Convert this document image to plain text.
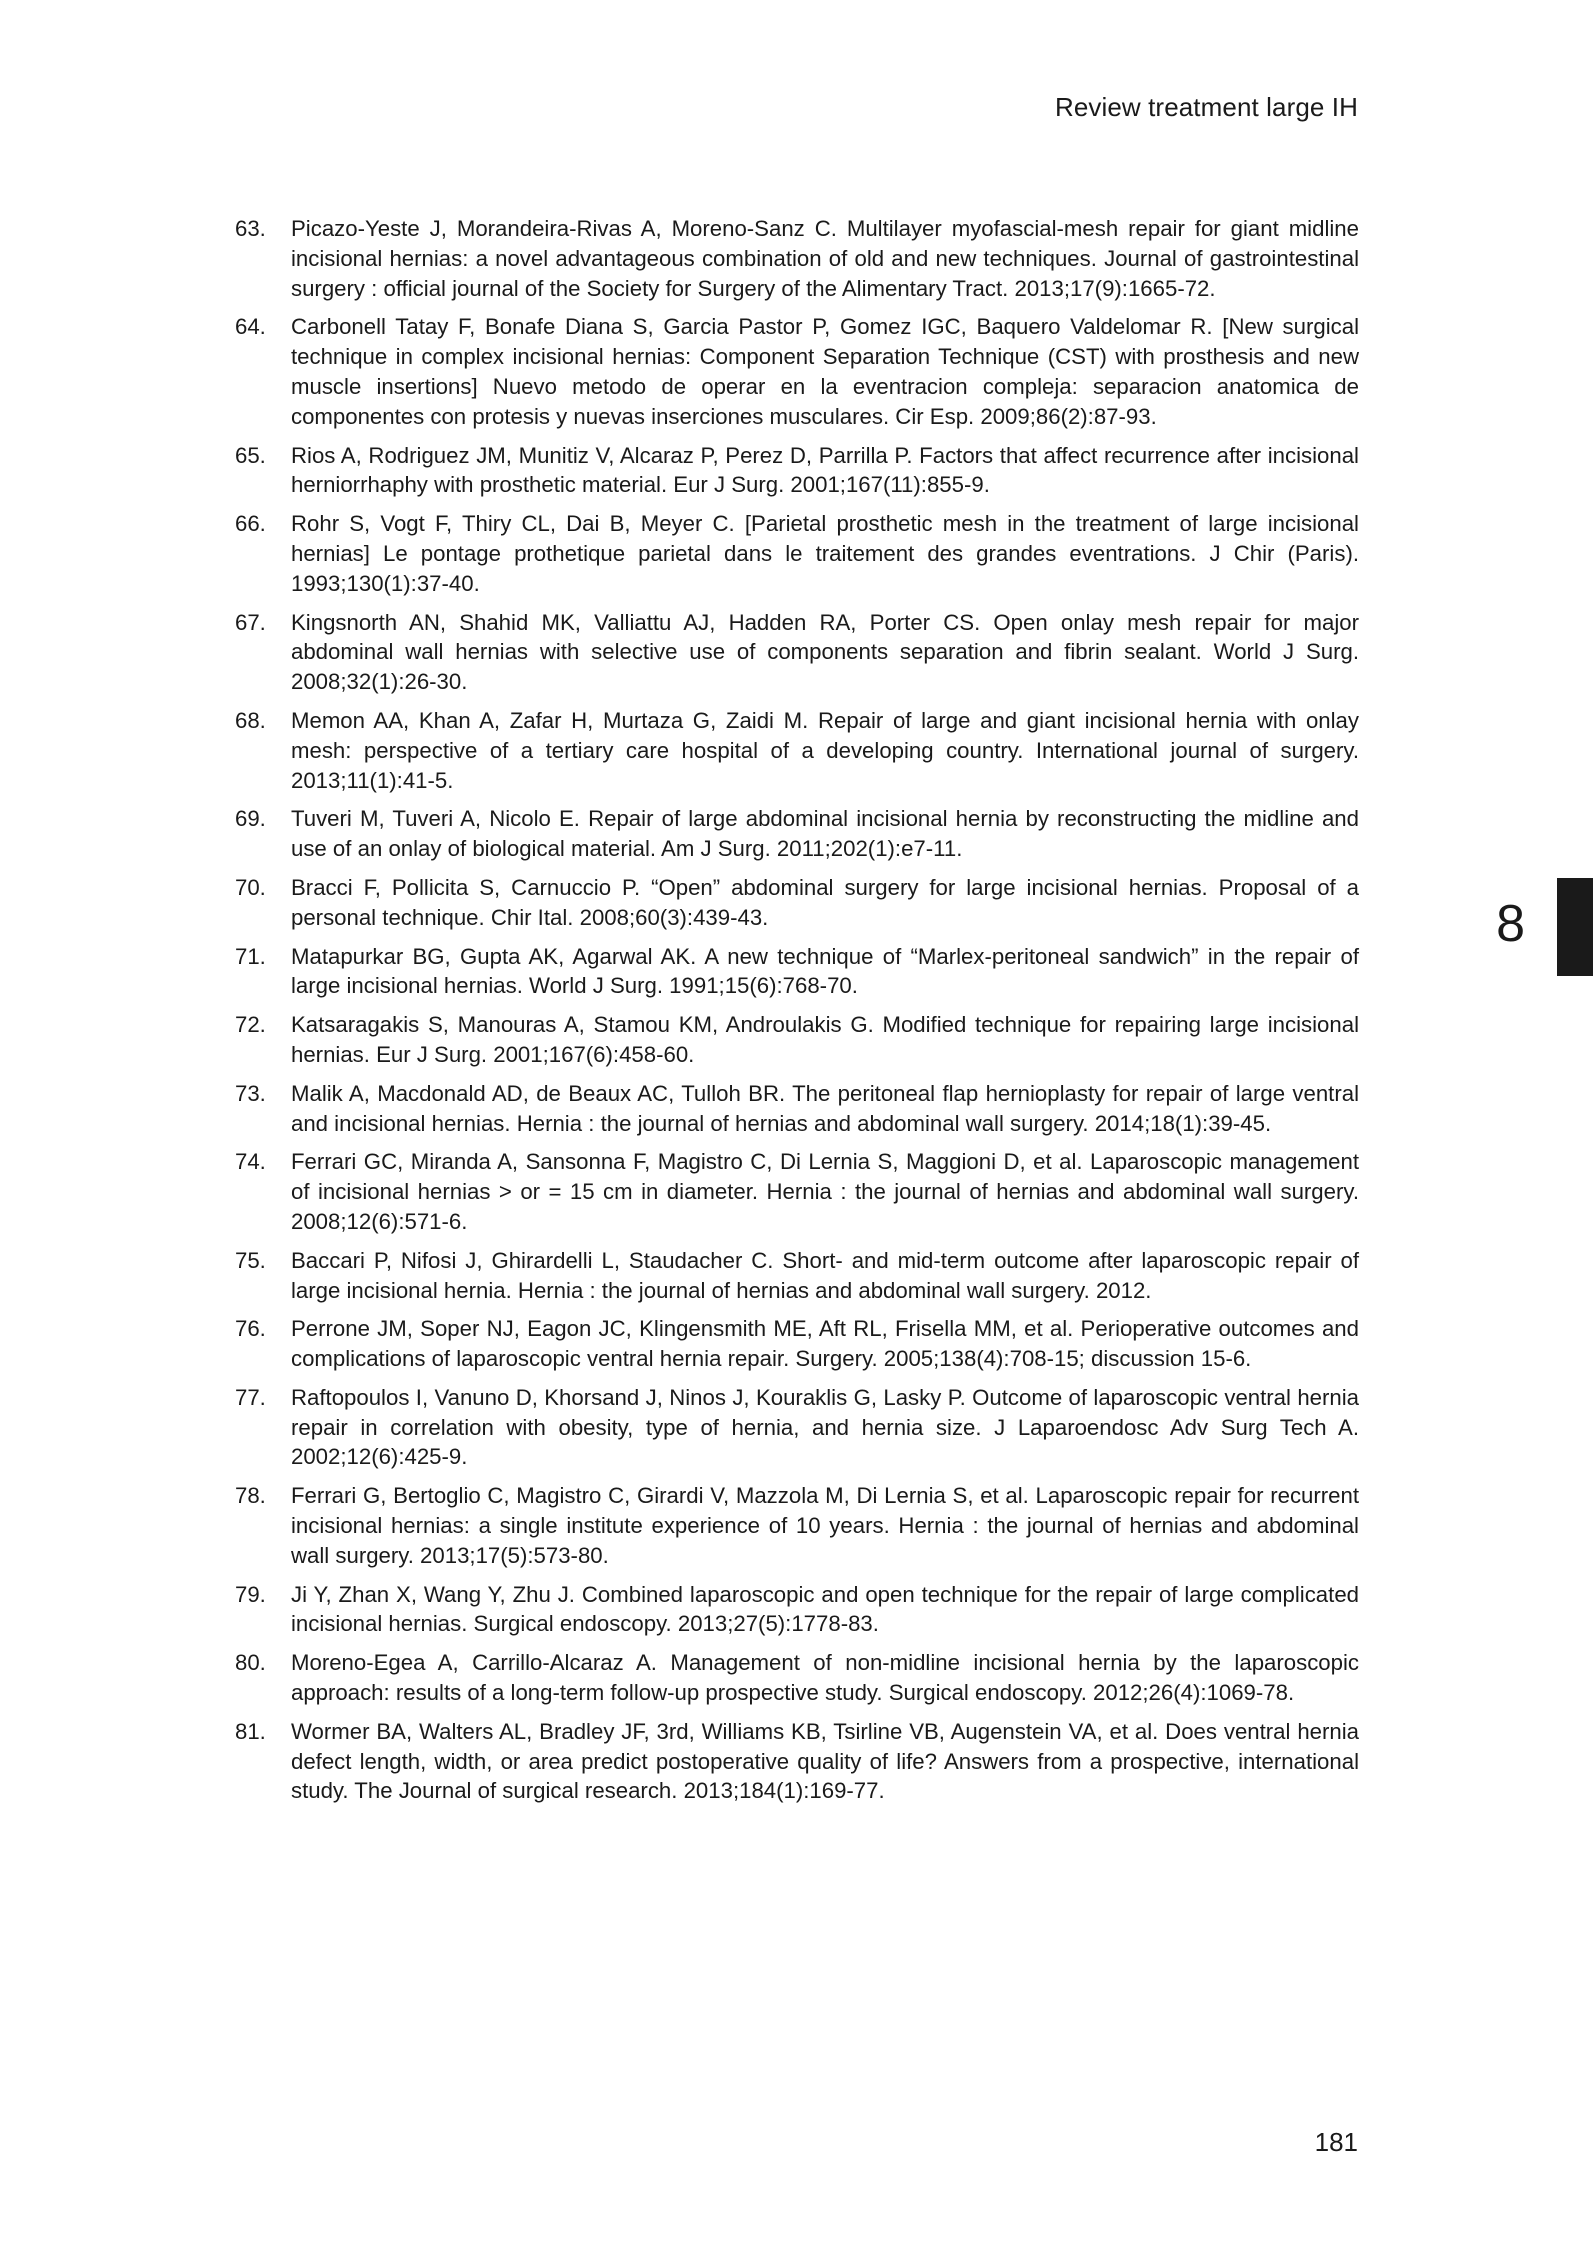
Review treatment large IH
8
63. Picazo-Yeste J, Morandeira-Rivas A, Moreno-Sanz C. Multilayer myofascial-mesh repair for giant midline incisional hernias: a novel advantageous combination of old and new techniques. Journal of gastrointestinal surgery : official journal of the Society for Surgery of the Alimentary Tract. 2013;17(9):1665-72.
64. Carbonell Tatay F, Bonafe Diana S, Garcia Pastor P, Gomez IGC, Baquero Valdelomar R. [New surgical technique in complex incisional hernias: Component Separation Technique (CST) with prosthesis and new muscle insertions] Nuevo metodo de operar en la eventracion compleja: separacion anatomica de componentes con protesis y nuevas inserciones musculares. Cir Esp. 2009;86(2):87-93.
65. Rios A, Rodriguez JM, Munitiz V, Alcaraz P, Perez D, Parrilla P. Factors that affect recurrence after incisional herniorrhaphy with prosthetic material. Eur J Surg. 2001;167(11):855-9.
66. Rohr S, Vogt F, Thiry CL, Dai B, Meyer C. [Parietal prosthetic mesh in the treatment of large incisional hernias] Le pontage prothetique parietal dans le traitement des grandes eventrations. J Chir (Paris). 1993;130(1):37-40.
67. Kingsnorth AN, Shahid MK, Valliattu AJ, Hadden RA, Porter CS. Open onlay mesh repair for major abdominal wall hernias with selective use of components separation and fibrin sealant. World J Surg. 2008;32(1):26-30.
68. Memon AA, Khan A, Zafar H, Murtaza G, Zaidi M. Repair of large and giant incisional hernia with onlay mesh: perspective of a tertiary care hospital of a developing country. International journal of surgery. 2013;11(1):41-5.
69. Tuveri M, Tuveri A, Nicolo E. Repair of large abdominal incisional hernia by reconstructing the midline and use of an onlay of biological material. Am J Surg. 2011;202(1):e7-11.
70. Bracci F, Pollicita S, Carnuccio P. “Open” abdominal surgery for large incisional hernias. Proposal of a personal technique. Chir Ital. 2008;60(3):439-43.
71. Matapurkar BG, Gupta AK, Agarwal AK. A new technique of “Marlex-peritoneal sandwich” in the repair of large incisional hernias. World J Surg. 1991;15(6):768-70.
72. Katsaragakis S, Manouras A, Stamou KM, Androulakis G. Modified technique for repairing large incisional hernias. Eur J Surg. 2001;167(6):458-60.
73. Malik A, Macdonald AD, de Beaux AC, Tulloh BR. The peritoneal flap hernioplasty for repair of large ventral and incisional hernias. Hernia : the journal of hernias and abdominal wall surgery. 2014;18(1):39-45.
74. Ferrari GC, Miranda A, Sansonna F, Magistro C, Di Lernia S, Maggioni D, et al. Laparoscopic management of incisional hernias > or = 15 cm in diameter. Hernia : the journal of hernias and abdominal wall surgery. 2008;12(6):571-6.
75. Baccari P, Nifosi J, Ghirardelli L, Staudacher C. Short- and mid-term outcome after laparoscopic repair of large incisional hernia. Hernia : the journal of hernias and abdominal wall surgery. 2012.
76. Perrone JM, Soper NJ, Eagon JC, Klingensmith ME, Aft RL, Frisella MM, et al. Perioperative outcomes and complications of laparoscopic ventral hernia repair. Surgery. 2005;138(4):708-15; discussion 15-6.
77. Raftopoulos I, Vanuno D, Khorsand J, Ninos J, Kouraklis G, Lasky P. Outcome of laparoscopic ventral hernia repair in correlation with obesity, type of hernia, and hernia size. J Laparoendosc Adv Surg Tech A. 2002;12(6):425-9.
78. Ferrari G, Bertoglio C, Magistro C, Girardi V, Mazzola M, Di Lernia S, et al. Laparoscopic repair for recurrent incisional hernias: a single institute experience of 10 years. Hernia : the journal of hernias and abdominal wall surgery. 2013;17(5):573-80.
79. Ji Y, Zhan X, Wang Y, Zhu J. Combined laparoscopic and open technique for the repair of large complicated incisional hernias. Surgical endoscopy. 2013;27(5):1778-83.
80. Moreno-Egea A, Carrillo-Alcaraz A. Management of non-midline incisional hernia by the laparoscopic approach: results of a long-term follow-up prospective study. Surgical endoscopy. 2012;26(4):1069-78.
81. Wormer BA, Walters AL, Bradley JF, 3rd, Williams KB, Tsirline VB, Augenstein VA, et al. Does ventral hernia defect length, width, or area predict postoperative quality of life? Answers from a prospective, international study. The Journal of surgical research. 2013;184(1):169-77.
181
